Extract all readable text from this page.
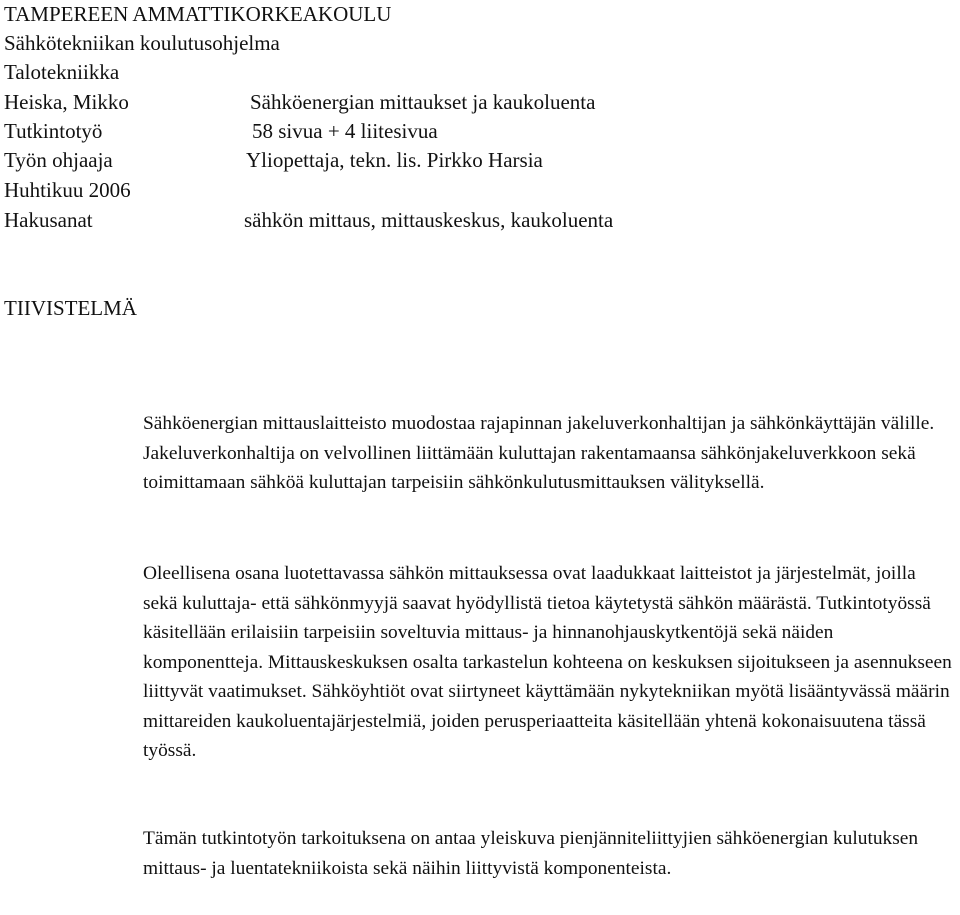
TAMPEREEN AMMATTIKORKEAKOULU
Sähkötekniikan koulutusohjelma
Talotekniikka
Heiska, Mikko	Sähköenergian mittaukset ja kaukoluenta
Tutkintotyö	58 sivua + 4 liitesivua
Työn ohjaaja	Yliopettaja, tekn. lis. Pirkko Harsia
Huhtikuu 2006
Hakusanat	sähkön mittaus, mittauskeskus, kaukoluenta
TIIVISTELMÄ

Sähköenergian mittauslaitteisto muodostaa rajapinnan jakeluverkonhaltijan ja sähkönkäyttäjän välille. Jakeluverkonhaltija on velvollinen liittämään kuluttajan rakentamaansa sähkönjakeluverkkoon sekä toimittamaan sähköä kuluttajan tarpeisiin sähkönkulutusmittauksen välityksellä.

Oleellisena osana luotettavassa sähkön mittauksessa ovat laadukkaat laitteistot ja järjestelmät, joilla sekä kuluttaja- että sähkönmyyjä saavat hyödyllistä tietoa käytetystä sähkön määrästä. Tutkintotyössä käsitellään erilaisiin tarpeisiin soveltuvia mittaus- ja hinnanohjauskytkentöjä sekä näiden komponentteja. Mittauskeskuksen osalta tarkastelun kohteena on keskuksen sijoitukseen ja asennukseen liittyvät vaatimukset. Sähköyhtiöt ovat siirtyneet käyttämään nykytekniikan myötä lisääntyvässä määrin mittareiden kaukoluentajärjestelmiä, joiden perusperiaatteita käsitellään yhtenä kokonaisuutena tässä työssä.

Tämän tutkintotyön tarkoituksena on antaa yleiskuva pienjänniteliittyjien sähköenergian kulutuksen mittaus- ja luentatekniikoista sekä näihin liittyvistä komponenteista.
